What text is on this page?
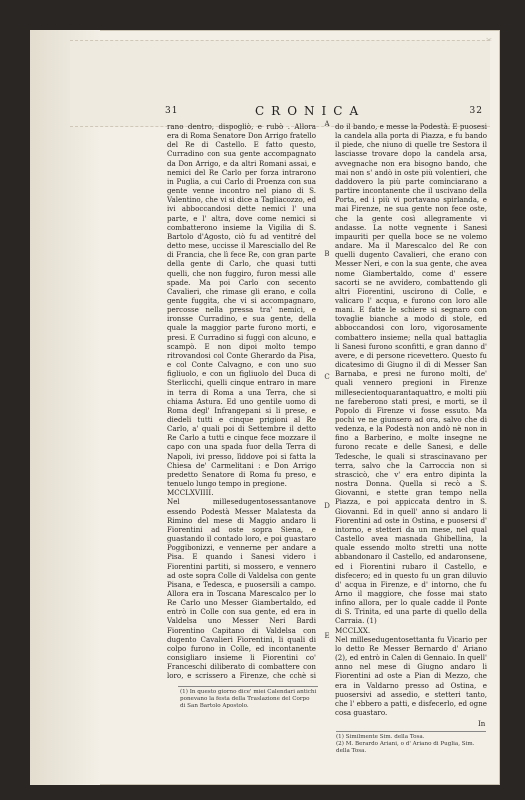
✂
31	CRONICA	32
rano dentro, dispogliò, e rubò . Allora era di Roma Senatore Don Arrigo fratello del Re di Castello. E fatto questo, Curradino con sua gente accompagnato da Don Arrigo, e da altri Romani assai, e nemici del Re Carlo per forza intrarono in Puglia, a cui Carlo di Proenza con sua gente venne incontro nel piano di S. Valentino, che vi si dice a Tagliacozzo, ed ivi abboccandosi dette nemici l' una parte, e l' altra, dove come nemici si combatterono insieme la Vigilia di S. Bartolo d'Agosto, ciò fu ad ventitré del detto mese, uccisse il Maresciallo del Re di Francia, che lì fece Re, con gran parte della gente di Carlo, che quasi tutti quelli, che non fuggiro, furon messi alle spade. Ma poi Carlo con secento Cavalieri, che rimase gli erano, e colla gente fuggita, che vi si accompagnaro, percosse nella pressa tra' nemici, e ironsse Curradino, e sua gente, della quale la maggior parte furono morti, e presi. E Curradino si fuggì con alcuno, e scampò. E non dipoi molto tempo ritrovandosi col Conte Gherardo da Pisa, e col Conte Calvagno, e con uno suo figliuolo, e con un figliuolo del Duca di Sterlicchi, quelli cinque entraro in mare in terra di Roma a una Terra, che si chiama Astura. Ed uno gentile uomo di Roma degl' Infrangepani si li prese, e diedeli tutti e cinque prigioni al Re Carlo, a' quali poi di Settembre il detto Re Carlo a tutti e cinque fece mozzare il capo con una spada fuor della Terra di Napoli, ivi presso, lìddove poi si fatta la Chiesa de' Carmelitani : e Don Arrigo predetto Senatore di Roma fu preso, e tenuelo lungo tempo in pregione.
MCCLXVIIII.
Nel millesedugentosessantanove essendo Podestà Messer Malatesta da Rimino del mese di Maggio andaro li Fiorentini ad oste sopra Siena, e guastando il contado loro, e poi guastaro Poggibonizzi, e vennerne per andare a Pisa. E quando i Sanesi videro i Fiorentini partiti, si mossero, e vennero ad oste sopra Colle di Valdelsa con gente Pisana, e Tedesca, e puosersili a campo. Allora era in Toscana Marescalco per lo Re Carlo uno Messer Giambertaldo, ed entrò in Colle con sua gente, ed era in Valdelsa uno Messer Neri Bardi Fiorentino Capitano di Valdelsa con dugento Cavalieri Fiorentini, li quali di colpo furono in Colle, ed incontanente consigliaro insieme li Fiorentini co' Franceschi diliberato di combattere con loro, e scrissero a Firenze, che cchè si
do il bando, e messe la Podestà. E puosesi la candela alla porta di Piazza, e fu bando il piede, che niuno di quelle tre Sestora il lasciasse trovare dopo la candela arsa, avvegnache non era bisogno bando, che mai non s' andò in oste più volentieri, che daddovero la più parte cominciarano a partire incontanente che il uscivano della Porta, ed i più vi portavano spirlanda, e mai Firenze, ne sua gente non fece oste, che la gente così allegramente vi andasse. La notte vegnente i Sanesi impauriti per quella boce se ne volemo andare. Ma il Marescalco del Re con quelli dugento Cavalieri, che erano con Messer Neri, e con la sua gente, che avea nome Giambertaldo, come d' essere sacorti se ne avvidero, combattendo gli altri Fiorentini, uscirono di Colle, e valicaro l' acqua, e furono con loro alle mani. E fatte le schiere si segnaro con tovaglie bianche a modo di stole, ed abboccandosi con loro, vigorosamente combattero insieme; nella qual battaglia li Sanesi furono sconfitti, e gran danno d' avere, e di persone ricevettero. Questo fu dicatesimo di Giugno il dì di Messer San Barnaba, e presi ne furono molti, de' quali vennero pregioni in Firenze millesecientoquarantaquattro, e molti più ne fareberono stati presi, e morti, se il Popolo di Firenze vi fosse essuto. Ma pochi ve ne giunsero ad ora, salvo che di vedenza, e la Podestà non andò nè non in fino a Barberino, e molte insegne ne furono recate e delle Sanesi, e delle Tedesche, le quali si strascinavano per terra, salvo che la Carroccia non si strascicò, che v' era entro dipinta la nostra Donna. Quella si recò a S. Giovanni, e stette gran tempo nella Piazza, e poi appiccata dentro in S. Giovanni. Ed in quell' anno si andaro li Fiorentini ad oste in Ostina, e puosersi d' intorno, e stetteri da un mese, nel qual Castello avea masnada Ghibellina, la quale essendo molto stretti una notte abbandonaro il Castello, ed andaronsene, ed i Fiorentini rubaro il Castello, e disfecero; ed in questo fu un gran diluvio d' acqua in Firenze, e d' intorno, che fu Arno il maggiore, che fosse mai stato infino allora, per lo quale cadde il Ponte di S. Trinita, ed una parte di quello della Carraia. (1)
MCCLXX.
Nel millesedugentosettanta fu Vicario per lo detto Re Messer Bernardo d' Ariano (2), ed entrò in Calen di Gennaio. In quell' anno nel mese di Giugno andaro li Fiorentini ad oste a Pian di Mezzo, che era in Valdarno presso ad Ostina, e puosersivi ad assedio, e stetteri tanto, che l' ebbero a patti, e disfecerlo, ed ogne cosa guastaro.
A
B
C
D
E
(1) In questo giorno dice' miei Calendari antichi
ponevano la festa della Traslazione del Corpo
di San Bartolo Apostolo.
(1) Similmente Sim. della Tosa.
(2) M. Berardo Ariani, o d' Ariano di Puglia, Sim.
della Tosa.
In
